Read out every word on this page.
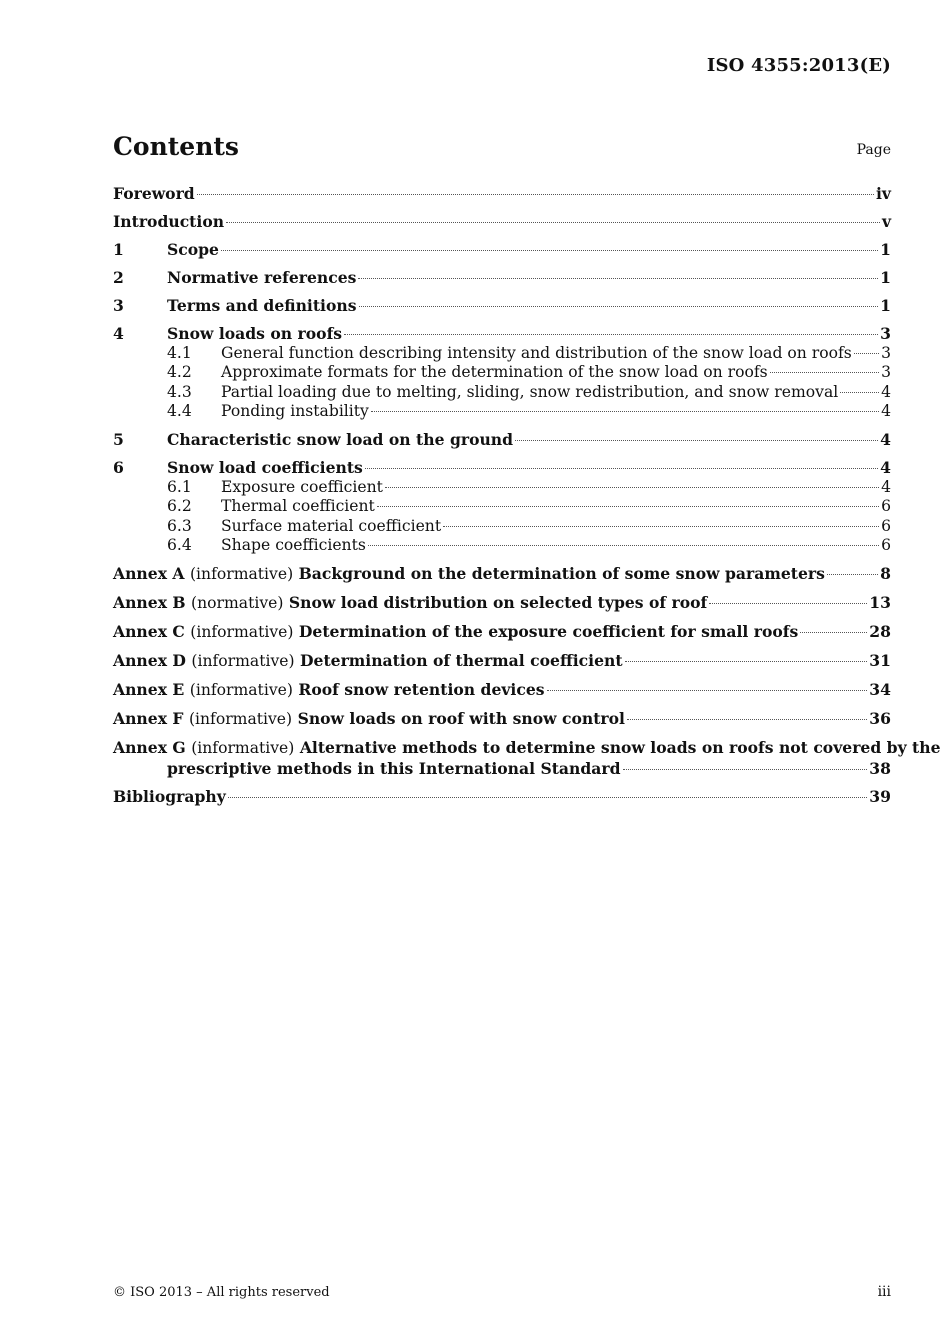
ISO 4355:2013(E)
Contents	Page
Foreword	iv
Introduction	v
1	Scope	1
2	Normative references	1
3	Terms and definitions	1
4	Snow loads on roofs	3
4.1	General function describing intensity and distribution of the snow load on roofs 3
4.2	Approximate formats for the determination of the snow load on roofs	3
4.3	Partial loading due to melting, sliding, snow redistribution, and snow removal	4
4.4	Ponding instability	4
5	Characteristic snow load on the ground	4
6	Snow load coefficients	4
6.1	Exposure coefficient	4
6.2	Thermal coefficient	6
6.3	Surface material coefficient	6
6.4	Shape coefficients	6
Annex A (informative) Background on the determination of some snow parameters	8
Annex B (normative) Snow load distribution on selected types of roof	13
Annex C (informative) Determination of the exposure coefficient for small roofs	28
Annex D (informative) Determination of thermal coefficient	31
Annex E (informative) Roof snow retention devices	34
Annex F (informative) Snow loads on roof with snow control	36
Annex G (informative) Alternative methods to determine snow loads on roofs not covered by the
prescriptive methods in this International Standard	38
Bibliography	39
© ISO 2013 – All rights reserved	iii
